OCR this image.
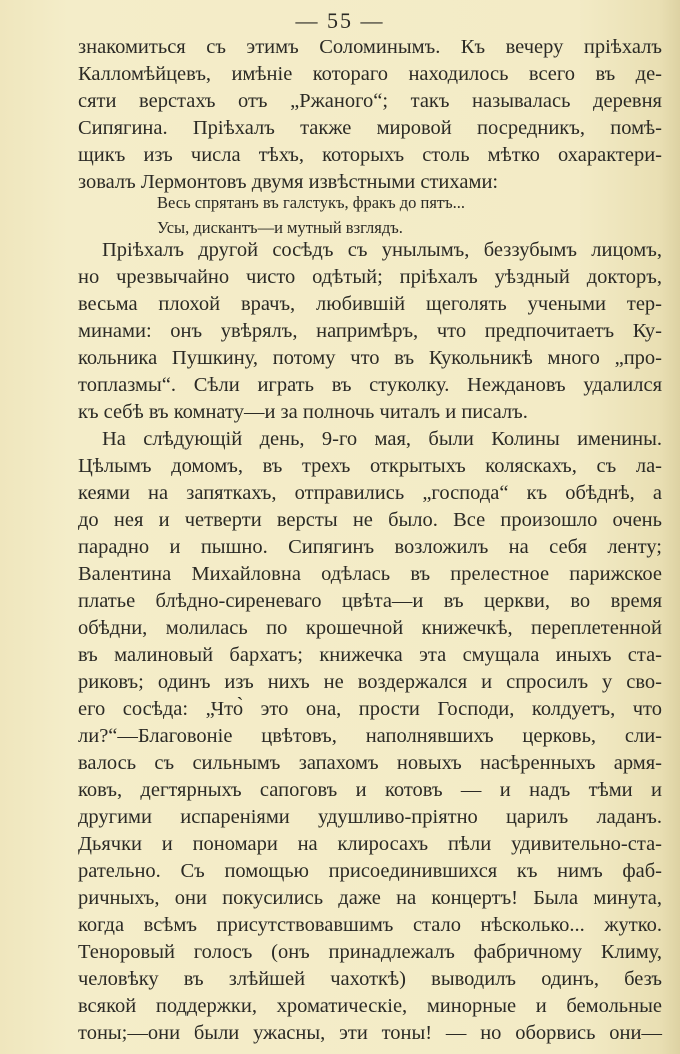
— 55 —
знакомиться съ этимъ Соломинымъ. Къ вечеру пріѣхалъ
Калломѣйцевъ, имѣніе котораго находилось всего въ де-
сяти верстахъ отъ „Ржаного“; такъ называлась деревня
Сипягина. Пріѣхалъ также мировой посредникъ, помѣ-
щикъ изъ числа тѣхъ, которыхъ столь мѣтко охарактери-
зовалъ Лермонтовъ двумя извѣстными стихами:
Весь спрятанъ въ галстукъ, фракъ до пятъ...
Усы, дискантъ—и мутный взглядъ.
Пріѣхалъ другой сосѣдъ съ унылымъ, беззубымъ лицомъ,
но чрезвычайно чисто одѣтый; пріѣхалъ уѣздный докторъ,
весьма плохой врачъ, любившій щеголять учеными тер-
минами: онъ увѣрялъ, напримѣръ, что предпочитаетъ Ку-
кольника Пушкину, потому что въ Кукольникѣ много „про-
топлазмы“. Сѣли играть въ стуколку. Неждановъ удалился
къ себѣ въ комнату—и за полночь читалъ и писалъ.
На слѣдующій день, 9-го мая, были Колины именины.
Цѣлымъ домомъ, въ трехъ открытыхъ коляскахъ, съ ла-
кеями на запяткахъ, отправились „господа“ къ обѣднѣ, а
до нея и четверти версты не было. Все произошло очень
парадно и пышно. Сипягинъ возложилъ на себя ленту;
Валентина Михайловна одѣлась въ прелестное парижское
платье блѣдно-сиреневаго цвѣта—и въ церкви, во время
обѣдни, молилась по крошечной книжечкѣ, переплетенной
въ малиновый бархатъ; книжечка эта смущала иныхъ ста-
риковъ; одинъ изъ нихъ не воздержался и спросилъ у сво-
его сосѣда: „Что̀ это она, прости Господи, колдуетъ, что
ли?“—Благовоніе цвѣтовъ, наполнявшихъ церковь, сли-
валось съ сильнымъ запахомъ новыхъ насѣренныхъ армя-
ковъ, дегтярныхъ сапоговъ и котовъ — и надъ тѣми и
другими испареніями удушливо-пріятно царилъ ладанъ.
Дьячки и пономари на клиросахъ пѣли удивительно-ста-
рательно. Съ помощью присоединившихся къ нимъ фаб-
ричныхъ, они покусились даже на концертъ! Была минута,
когда всѣмъ присутствовавшимъ стало нѣсколько... жутко.
Теноровый голосъ (онъ принадлежалъ фабричному Климу,
человѣку въ злѣйшей чахоткѣ) выводилъ одинъ, безъ
всякой поддержки, хроматическіе, минорные и бемольные
тоны;—они были ужасны, эти тоны! — но оборвись они—
